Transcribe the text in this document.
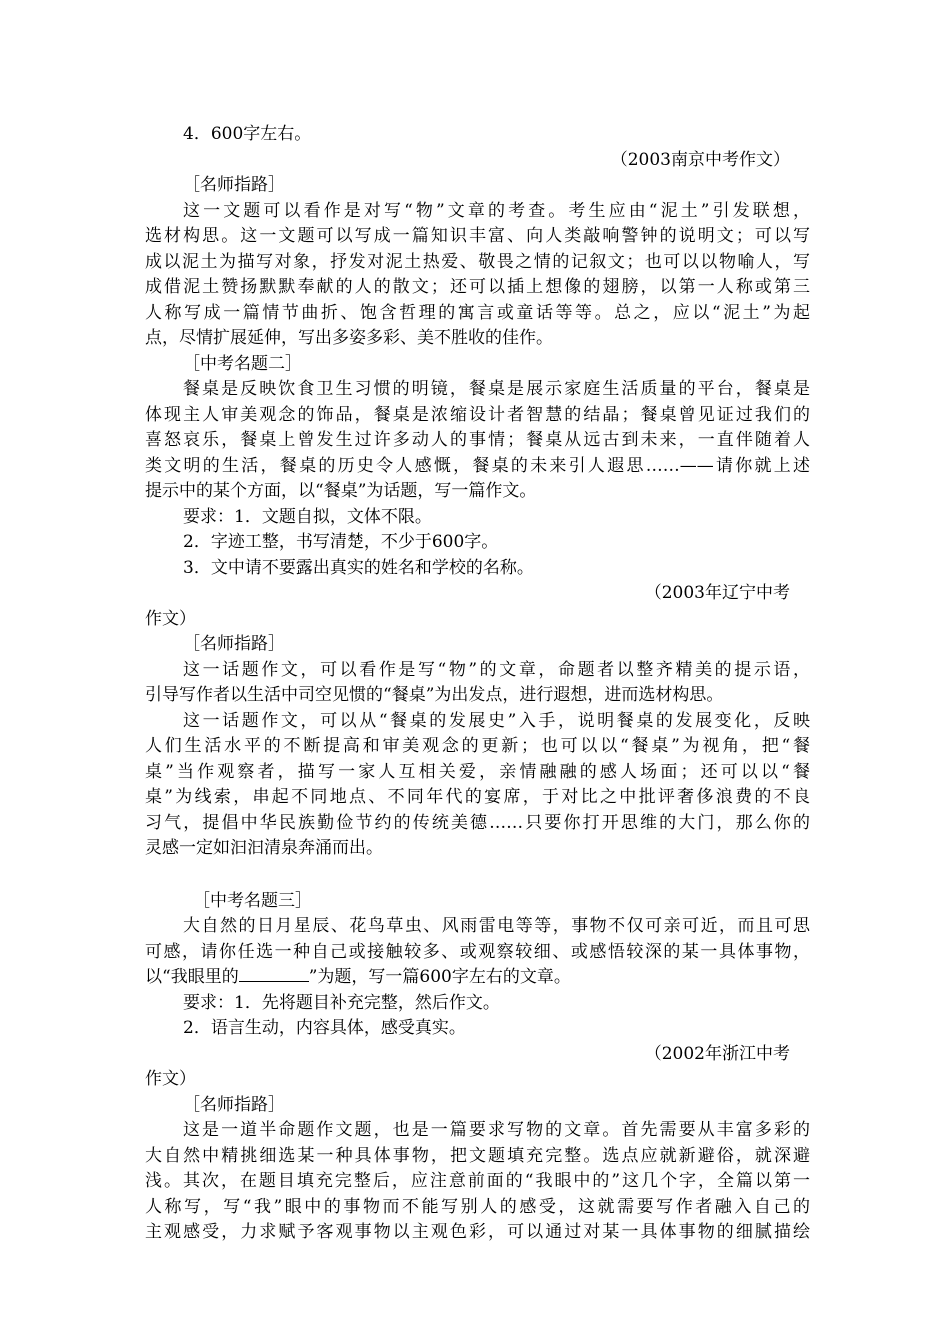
4．600字左右。
（2003南京中考作文）
［名师指路］
这一文题可以看作是对写“物”文章的考查。考生应由“泥土”引发联想，
选材构思。这一文题可以写成一篇知识丰富、向人类敲响警钟的说明文；可以写
成以泥土为描写对象，抒发对泥土热爱、敬畏之情的记叙文；也可以以物喻人，写
成借泥土赞扬默默奉献的人的散文；还可以插上想像的翅膀，以第一人称或第三
人称写成一篇情节曲折、饱含哲理的寓言或童话等等。总之，应以“泥土”为起
点，尽情扩展延伸，写出多姿多彩、美不胜收的佳作。
［中考名题二］
餐桌是反映饮食卫生习惯的明镜，餐桌是展示家庭生活质量的平台，餐桌是
体现主人审美观念的饰品，餐桌是浓缩设计者智慧的结晶；餐桌曾见证过我们的
喜怒哀乐，餐桌上曾发生过许多动人的事情；餐桌从远古到未来，一直伴随着人
类文明的生活，餐桌的历史令人感慨，餐桌的未来引人遐思……——请你就上述
提示中的某个方面，以“餐桌”为话题，写一篇作文。
要求：1．文题自拟，文体不限。
2．字迹工整，书写清楚，不少于600字。
3．文中请不要露出真实的姓名和学校的名称。
（2003年辽宁中考
作文）
［名师指路］
这一话题作文，可以看作是写“物”的文章，命题者以整齐精美的提示语，
引导写作者以生活中司空见惯的“餐桌”为出发点，进行遐想，进而选材构思。
这一话题作文，可以从“餐桌的发展史”入手，说明餐桌的发展变化，反映
人们生活水平的不断提高和审美观念的更新；也可以以“餐桌”为视角，把“餐
桌”当作观察者，描写一家人互相关爱，亲情融融的感人场面；还可以以“餐
桌”为线索，串起不同地点、不同年代的宴席，于对比之中批评奢侈浪费的不良
习气，提倡中华民族勤俭节约的传统美德……只要你打开思维的大门，那么你的
灵感一定如汩汩清泉奔涌而出。
［中考名题三］
大自然的日月星辰、花鸟草虫、风雨雷电等等，事物不仅可亲可近，而且可思
可感，请你任选一种自己或接触较多、或观察较细、或感悟较深的某一具体事物，
以“我眼里的	”为题，写一篇600字左右的文章。
要求：1．先将题目补充完整，然后作文。
2．语言生动，内容具体，感受真实。
（2002年浙江中考
作文）
［名师指路］
这是一道半命题作文题，也是一篇要求写物的文章。首先需要从丰富多彩的
大自然中精挑细选某一种具体事物，把文题填充完整。选点应就新避俗，就深避
浅。其次，在题目填充完整后，应注意前面的“我眼中的”这几个字，全篇以第一
人称写，写“我”眼中的事物而不能写别人的感受，这就需要写作者融入自己的
主观感受，力求赋予客观事物以主观色彩，可以通过对某一具体事物的细腻描绘
